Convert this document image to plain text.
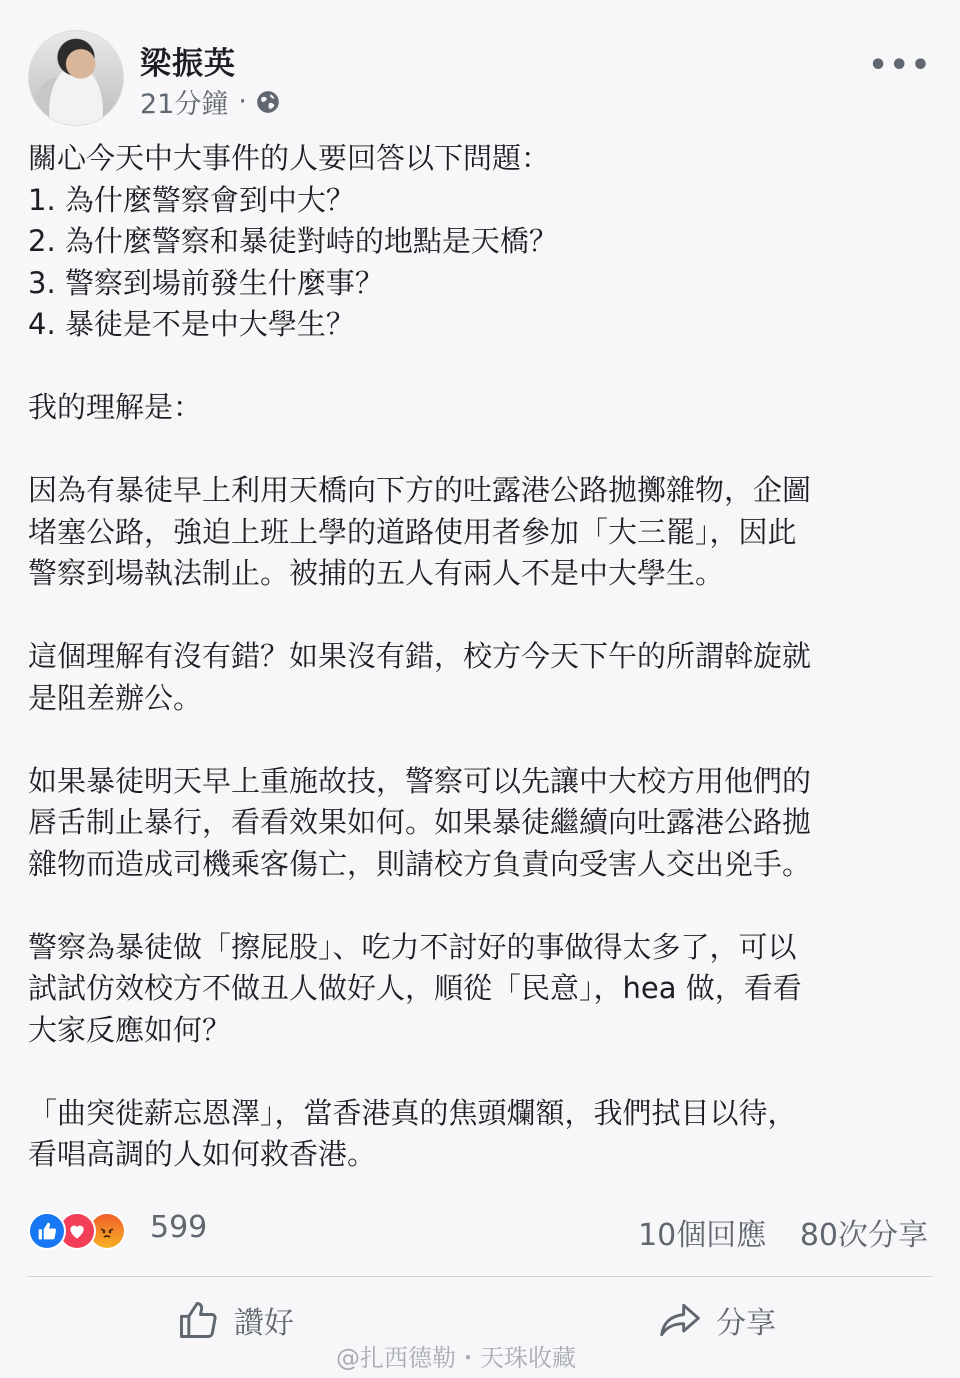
梁振英
21分鐘 ·
•••
關心今天中大事件的人要回答以下問題：
1. 為什麼警察會到中大？
2. 為什麼警察和暴徒對峙的地點是天橋？
3. 警察到場前發生什麼事？
4. 暴徒是不是中大學生？
我的理解是：
因為有暴徒早上利用天橋向下方的吐露港公路拋擲雜物，企圖
堵塞公路，強迫上班上學的道路使用者參加「大三罷」，因此
警察到場執法制止。被捕的五人有兩人不是中大學生。
這個理解有沒有錯？如果沒有錯，校方今天下午的所謂斡旋就
是阻差辦公。
如果暴徒明天早上重施故技，警察可以先讓中大校方用他們的
唇舌制止暴行，看看效果如何。如果暴徒繼續向吐露港公路拋
雜物而造成司機乘客傷亡，則請校方負責向受害人交出兇手。
警察為暴徒做「擦屁股」、吃力不討好的事做得太多了，可以
試試仿效校方不做丑人做好人，順從「民意」，hea 做，看看
大家反應如何？
「曲突徙薪忘恩澤」，當香港真的焦頭爛額，我們拭目以待，
看唱高調的人如何救香港。
599	10個回應 80次分享
讚好	分享
@扎西德勒・天珠收藏
